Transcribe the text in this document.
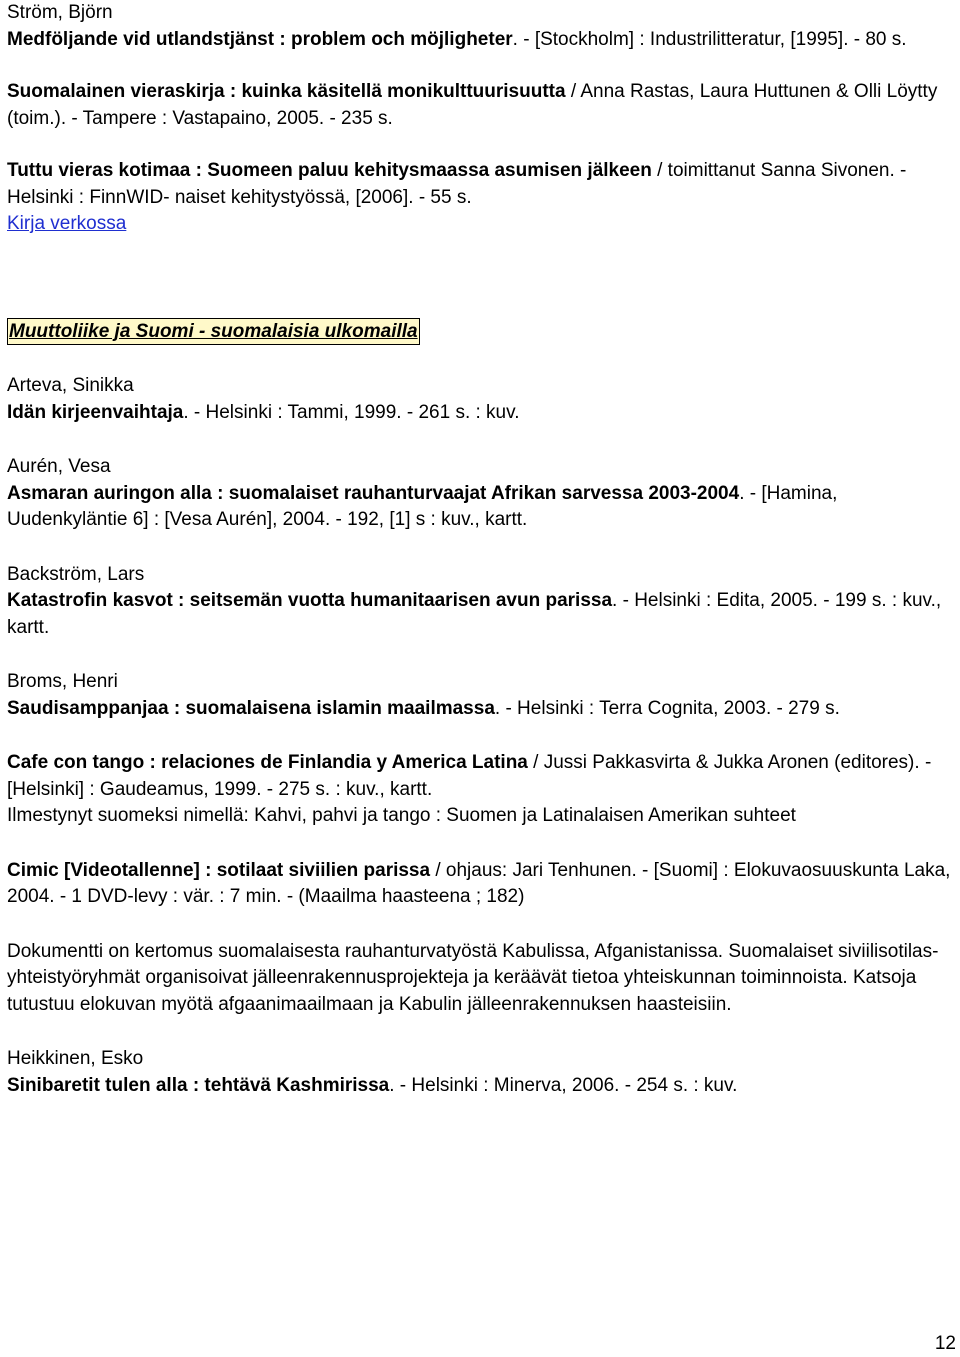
Ström, Björn
Medföljande vid utlandstjänst : problem och möjligheter. - [Stockholm] : Industrilitteratur, [1995]. - 80 s.

Suomalainen vieraskirja : kuinka käsitellä monikulttuurisuutta / Anna Rastas, Laura Huttunen & Olli Löytty (toim.). - Tampere : Vastapaino, 2005. - 235 s.

Tuttu vieras kotimaa : Suomeen paluu kehitysmaassa asumisen jälkeen / toimittanut Sanna Sivonen. - Helsinki : FinnWID- naiset kehitystyössä, [2006]. - 55 s.
Kirja verkossa

Muuttoliike ja Suomi - suomalaisia ulkomailla

Arteva, Sinikka
Idän kirjeenvaihtaja. - Helsinki : Tammi, 1999. - 261 s. : kuv.

Aurén, Vesa
Asmaran auringon alla : suomalaiset rauhanturvaajat Afrikan sarvessa 2003-2004. - [Hamina, Uudenkyläntie 6] : [Vesa Aurén], 2004. - 192, [1] s : kuv., kartt.

Backström, Lars
Katastrofin kasvot : seitsemän vuotta humanitaarisen avun parissa. - Helsinki : Edita, 2005. - 199 s. : kuv., kartt.

Broms, Henri
Saudisamppanjaa : suomalaisena islamin maailmassa. - Helsinki : Terra Cognita, 2003. - 279 s.

Cafe con tango : relaciones de Finlandia y America Latina / Jussi Pakkasvirta & Jukka Aronen (editores). - [Helsinki] : Gaudeamus, 1999. - 275 s. : kuv., kartt.
Ilmestynyt suomeksi nimellä: Kahvi, pahvi ja tango : Suomen ja Latinalaisen Amerikan suhteet

Cimic [Videotallenne] : sotilaat siviilien parissa / ohjaus: Jari Tenhunen. - [Suomi] : Elokuvaosuuskunta Laka, 2004. - 1 DVD-levy : vär. : 7 min. - (Maailma haasteena ; 182)

Dokumentti on kertomus suomalaisesta rauhanturvatyöstä Kabulissa, Afganistanissa. Suomalaiset siviilisotilas-yhteistyöryhmät organisoivat jälleenrakennusprojekteja ja keräävät tietoa yhteiskunnan toiminnoista. Katsoja tutustuu elokuvan myötä afgaanimaailmaan ja Kabulin jälleenrakennuksen haasteisiin.

Heikkinen, Esko
Sinibaretit tulen alla : tehtävä Kashmirissa. - Helsinki : Minerva, 2006. - 254 s. : kuv.

12
